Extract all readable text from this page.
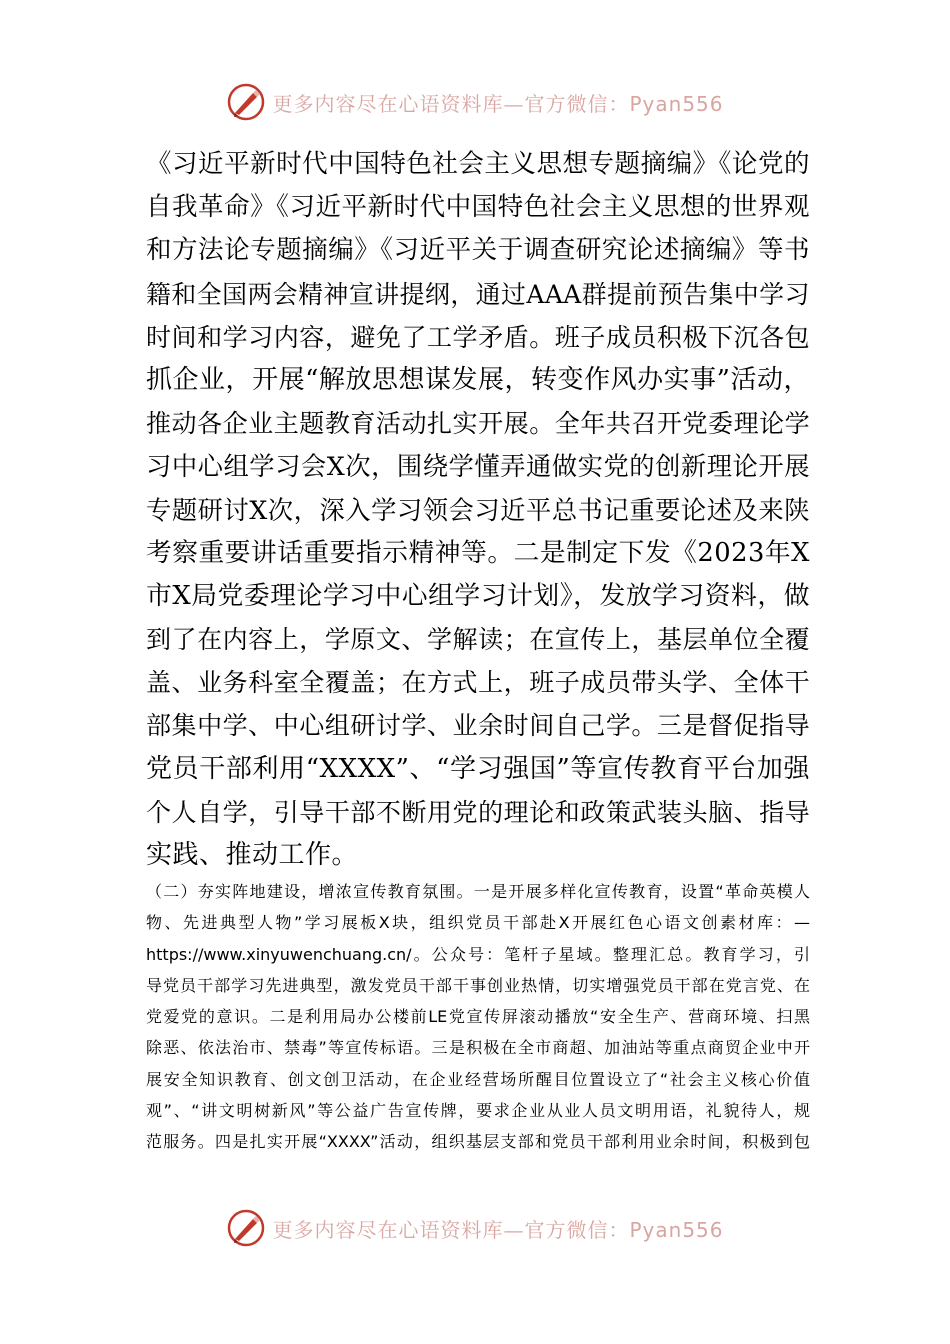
更多内容尽在心语资料库—官方微信：Pyan556
《习近平新时代中国特色社会主义思想专题摘编》《论党的
自我革命》《习近平新时代中国特色社会主义思想的世界观
和方法论专题摘编》《习近平关于调查研究论述摘编》等书
籍和全国两会精神宣讲提纲，通过AAA群提前预告集中学习
时间和学习内容，避免了工学矛盾。班子成员积极下沉各包
抓企业，开展“解放思想谋发展，转变作风办实事”活动，
推动各企业主题教育活动扎实开展。全年共召开党委理论学
习中心组学习会X次，围绕学懂弄通做实党的创新理论开展
专题研讨X次，深入学习领会习近平总书记重要论述及来陕
考察重要讲话重要指示精神等。二是制定下发《2023年X
市X局党委理论学习中心组学习计划》，发放学习资料，做
到了在内容上，学原文、学解读；在宣传上，基层单位全覆
盖、业务科室全覆盖；在方式上，班子成员带头学、全体干
部集中学、中心组研讨学、业余时间自己学。三是督促指导
党员干部利用“XXXX”、“学习强国”等宣传教育平台加强
个人自学，引导干部不断用党的理论和政策武装头脑、指导
实践、推动工作。
（二）夯实阵地建设，增浓宣传教育氛围。一是开展多样化宣传教育，设置“革命英模人
物、先进典型人物”学习展板X块，组织党员干部赴X开展红色心语文创素材库：—
https://www.xinyuwenchuang.cn/。公众号：笔杆子星域。整理汇总。教育学习，引
导党员干部学习先进典型，激发党员干部干事创业热情，切实增强党员干部在党言党、在
党爱党的意识。二是利用局办公楼前LE党宣传屏滚动播放“安全生产、营商环境、扫黑
除恶、依法治市、禁毒”等宣传标语。三是积极在全市商超、加油站等重点商贸企业中开
展安全知识教育、创文创卫活动，在企业经营场所醒目位置设立了“社会主义核心价值
观”、“讲文明树新风”等公益广告宣传牌，要求企业从业人员文明用语，礼貌待人，规
范服务。四是扎实开展“XXXX”活动，组织基层支部和党员干部利用业余时间，积极到包
更多内容尽在心语资料库—官方微信：Pyan556
